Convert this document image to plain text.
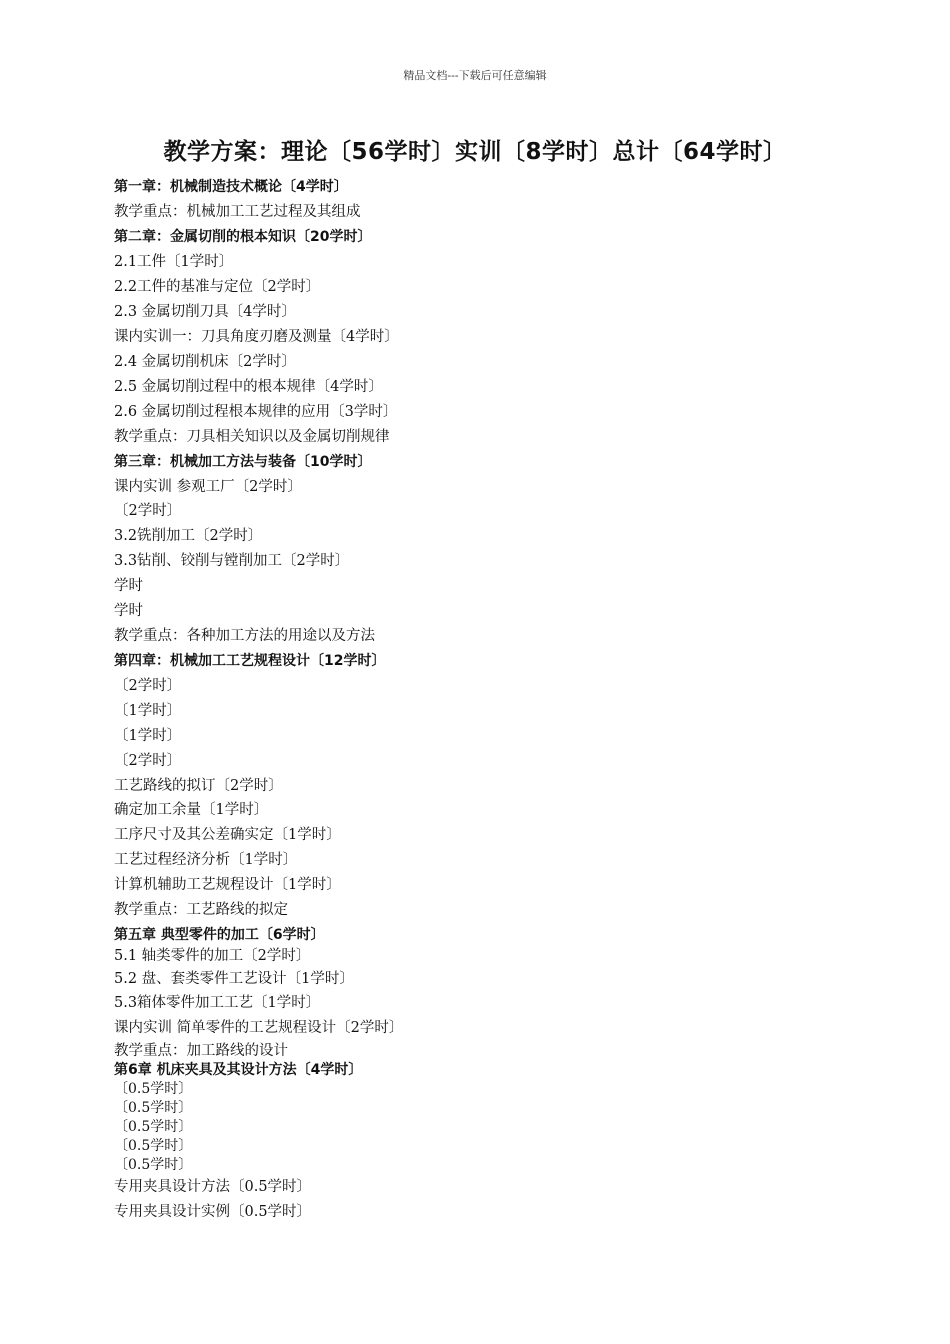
精品文档---下载后可任意编辑
教学方案：理论〔56学时〕实训〔8学时〕总计〔64学时〕
第一章：机械制造技术概论〔4学时〕
教学重点：机械加工工艺过程及其组成
第二章：金属切削的根本知识〔20学时〕
2.1工件〔1学时〕
2.2工件的基准与定位〔2学时〕
2.3 金属切削刀具〔4学时〕
课内实训一：刀具角度刃磨及测量〔4学时〕
2.4 金属切削机床〔2学时〕
2.5 金属切削过程中的根本规律〔4学时〕
2.6 金属切削过程根本规律的应用〔3学时〕
教学重点：刀具相关知识以及金属切削规律
第三章：机械加工方法与装备〔10学时〕
课内实训 参观工厂〔2学时〕
〔2学时〕
3.2铣削加工〔2学时〕
3.3钻削、铰削与镗削加工〔2学时〕
学时
学时
教学重点：各种加工方法的用途以及方法
第四章：机械加工工艺规程设计〔12学时〕
〔2学时〕
〔1学时〕
〔1学时〕
〔2学时〕
工艺路线的拟订〔2学时〕
确定加工余量〔1学时〕
工序尺寸及其公差确实定〔1学时〕
工艺过程经济分析〔1学时〕
计算机辅助工艺规程设计〔1学时〕
教学重点：工艺路线的拟定
第五章 典型零件的加工〔6学时〕
5.1 轴类零件的加工〔2学时〕
5.2 盘、套类零件工艺设计〔1学时〕
5.3箱体零件加工工艺〔1学时〕
课内实训 简单零件的工艺规程设计〔2学时〕
教学重点：加工路线的设计
第6章 机床夹具及其设计方法〔4学时〕
〔0.5学时〕
〔0.5学时〕
〔0.5学时〕
〔0.5学时〕
〔0.5学时〕
专用夹具设计方法〔0.5学时〕
专用夹具设计实例〔0.5学时〕
